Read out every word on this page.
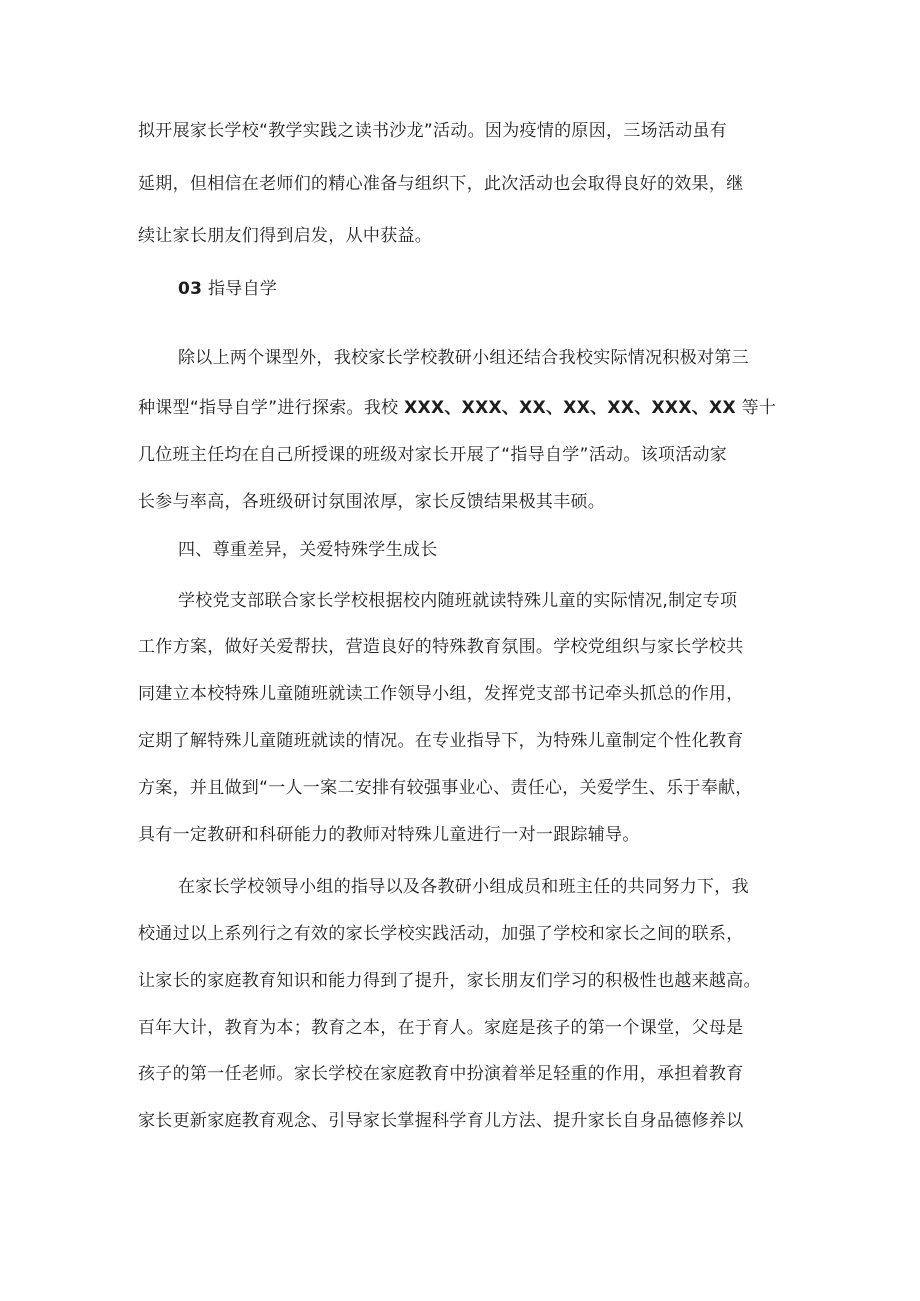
拟开展家长学校“教学实践之读书沙龙”活动。因为疫情的原因，三场活动虽有
延期，但相信在老师们的精心准备与组织下，此次活动也会取得良好的效果，继
续让家长朋友们得到启发，从中获益。
03 指导自学
除以上两个课型外，我校家长学校教研小组还结合我校实际情况积极对第三
种课型“指导自学”进行探索。我校 XXX、XXX、XX、XX、XX、XXX、XX 等十
几位班主任均在自己所授课的班级对家长开展了“指导自学”活动。该项活动家
长参与率高，各班级研讨氛围浓厚，家长反馈结果极其丰硕。
四、尊重差异，关爱特殊学生成长
学校党支部联合家长学校根据校内随班就读特殊儿童的实际情况,制定专项
工作方案，做好关爱帮扶，营造良好的特殊教育氛围。学校党组织与家长学校共
同建立本校特殊儿童随班就读工作领导小组，发挥党支部书记牵头抓总的作用，
定期了解特殊儿童随班就读的情况。在专业指导下，为特殊儿童制定个性化教育
方案，并且做到“一人一案二安排有较强事业心、责任心，关爱学生、乐于奉献，
具有一定教研和科研能力的教师对特殊儿童进行一对一跟踪辅导。
在家长学校领导小组的指导以及各教研小组成员和班主任的共同努力下，我
校通过以上系列行之有效的家长学校实践活动，加强了学校和家长之间的联系，
让家长的家庭教育知识和能力得到了提升，家长朋友们学习的积极性也越来越高。
百年大计，教育为本；教育之本，在于育人。家庭是孩子的第一个课堂，父母是
孩子的第一任老师。家长学校在家庭教育中扮演着举足轻重的作用，承担着教育
家长更新家庭教育观念、引导家长掌握科学育儿方法、提升家长自身品德修养以
